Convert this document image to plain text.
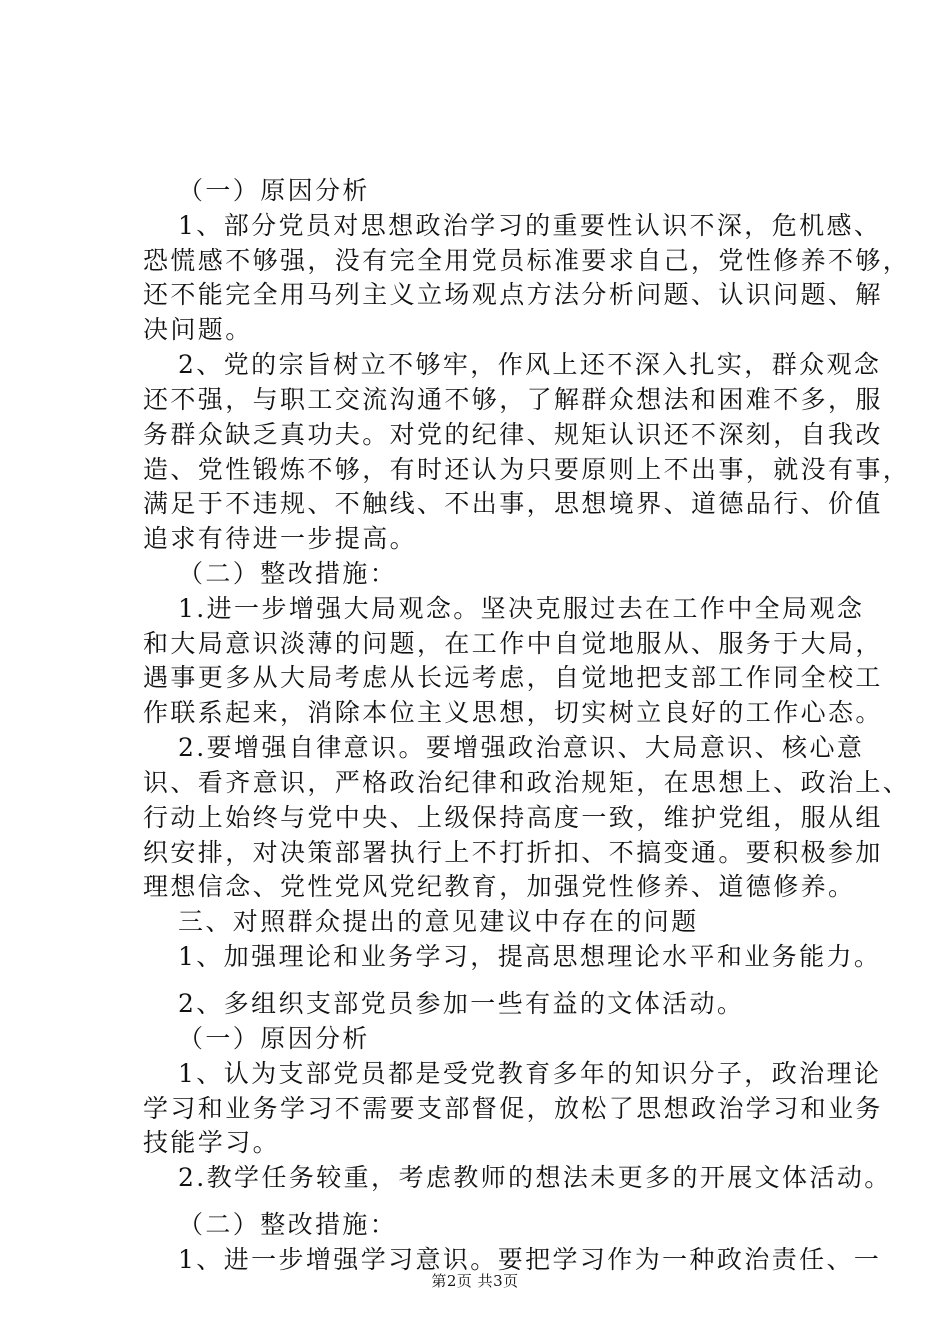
（一）原因分析
1、部分党员对思想政治学习的重要性认识不深，危机感、
恐慌感不够强，没有完全用党员标准要求自己，党性修养不够，
还不能完全用马列主义立场观点方法分析问题、认识问题、解
决问题。
2、党的宗旨树立不够牢，作风上还不深入扎实，群众观念
还不强，与职工交流沟通不够，了解群众想法和困难不多，服
务群众缺乏真功夫。对党的纪律、规矩认识还不深刻，自我改
造、党性锻炼不够，有时还认为只要原则上不出事，就没有事，
满足于不违规、不触线、不出事，思想境界、道德品行、价值
追求有待进一步提高。
（二）整改措施：
1.进一步增强大局观念。坚决克服过去在工作中全局观念
和大局意识淡薄的问题，在工作中自觉地服从、服务于大局，
遇事更多从大局考虑从长远考虑，自觉地把支部工作同全校工
作联系起来，消除本位主义思想，切实树立良好的工作心态。
2.要增强自律意识。要增强政治意识、大局意识、核心意
识、看齐意识，严格政治纪律和政治规矩，在思想上、政治上、
行动上始终与党中央、上级保持高度一致，维护党组，服从组
织安排，对决策部署执行上不打折扣、不搞变通。要积极参加
理想信念、党性党风党纪教育，加强党性修养、道德修养。
三、对照群众提出的意见建议中存在的问题
1、加强理论和业务学习，提高思想理论水平和业务能力。
2、多组织支部党员参加一些有益的文体活动。
（一）原因分析
1、认为支部党员都是受党教育多年的知识分子，政治理论
学习和业务学习不需要支部督促，放松了思想政治学习和业务
技能学习。
2.教学任务较重，考虑教师的想法未更多的开展文体活动。
（二）整改措施：
1、进一步增强学习意识。要把学习作为一种政治责任、一
第2页 共3页
